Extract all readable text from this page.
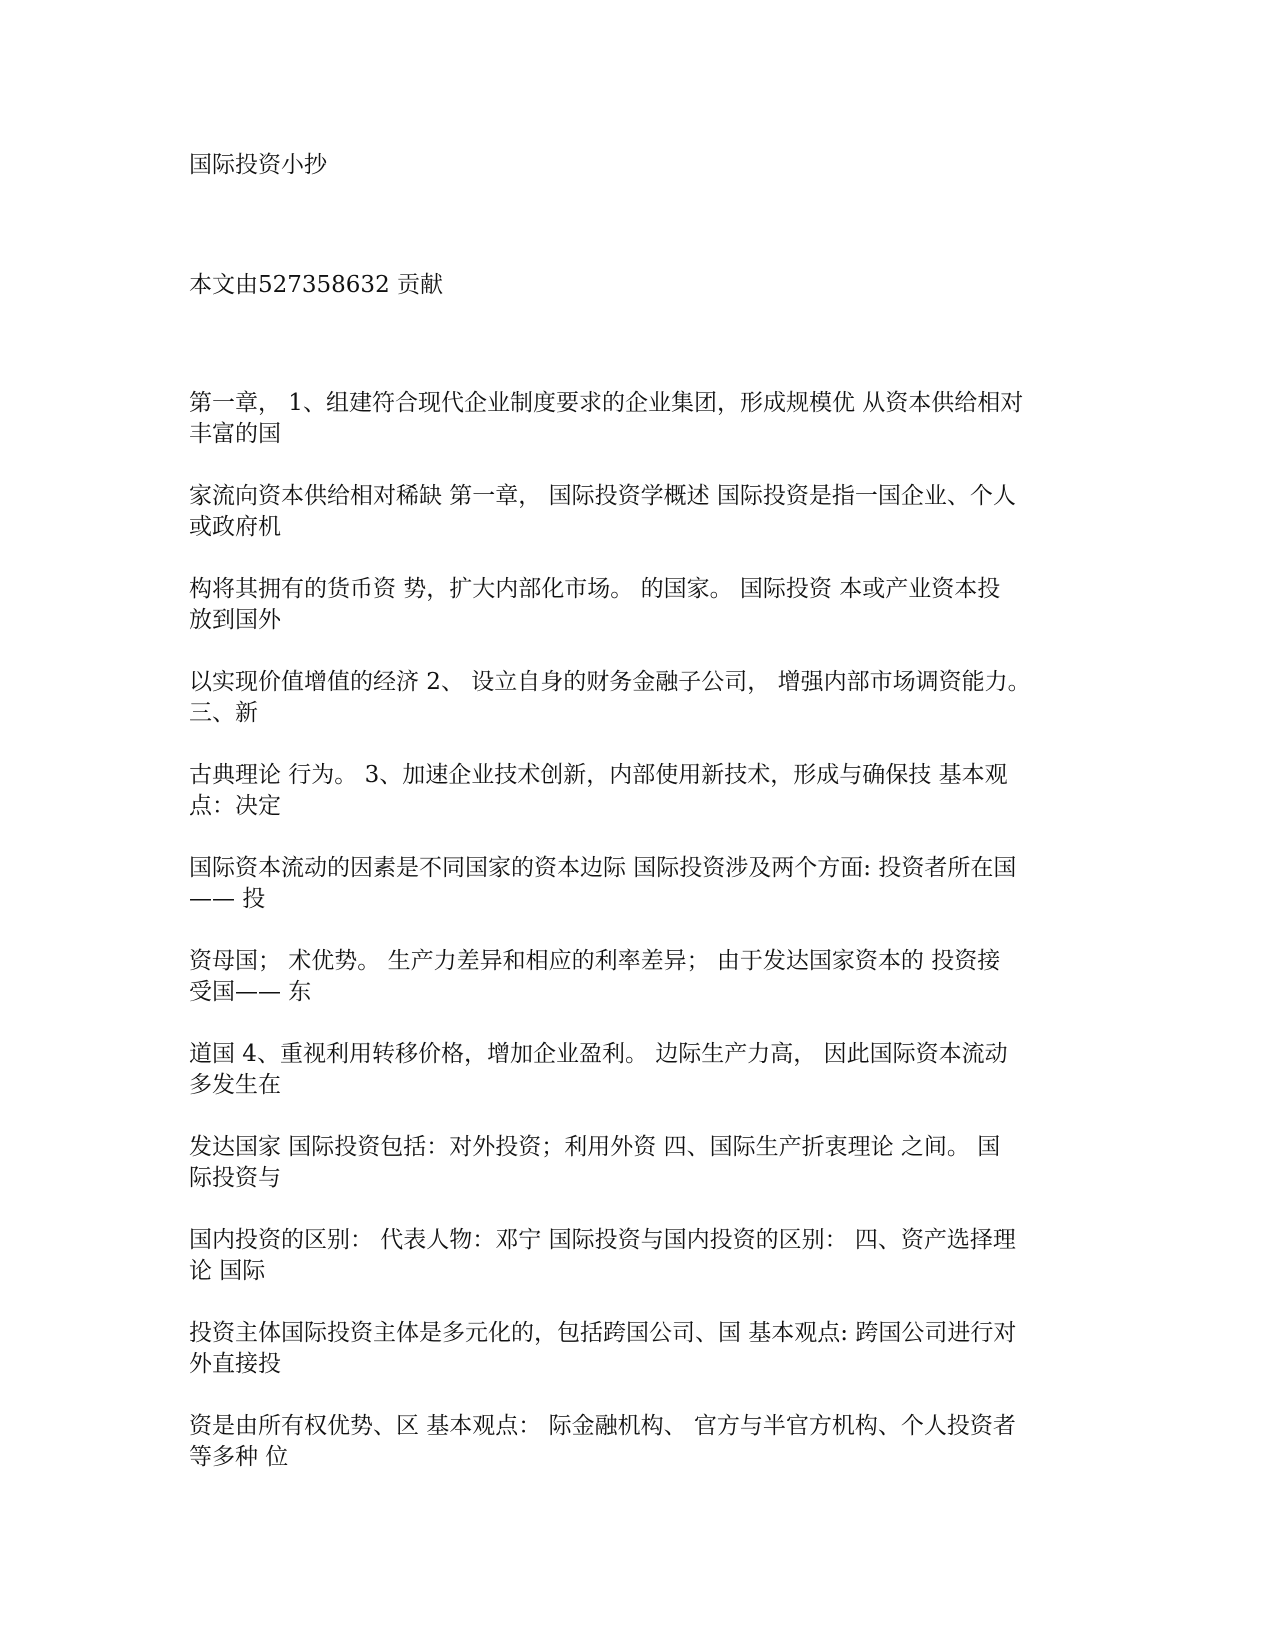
国际投资小抄

本文由527358632 贡献

第一章， 1、组建符合现代企业制度要求的企业集团，形成规模优 从资本供给相对
丰富的国

家流向资本供给相对稀缺 第一章， 国际投资学概述 国际投资是指一国企业、个人
或政府机

构将其拥有的货币资 势，扩大内部化市场。 的国家。 国际投资 本或产业资本投
放到国外

以实现价值增值的经济 2、 设立自身的财务金融子公司， 增强内部市场调资能力。
三、新

古典理论 行为。 3、加速企业技术创新，内部使用新技术，形成与确保技 基本观
点：决定

国际资本流动的因素是不同国家的资本边际 国际投资涉及两个方面: 投资者所在国
—— 投

资母国； 术优势。 生产力差异和相应的利率差异； 由于发达国家资本的 投资接
受国—— 东

道国 4、重视利用转移价格，增加企业盈利。 边际生产力高， 因此国际资本流动
多发生在

发达国家 国际投资包括：对外投资；利用外资 四、国际生产折衷理论 之间。 国
际投资与

国内投资的区别： 代表人物：邓宁 国际投资与国内投资的区别： 四、资产选择理
论 国际

投资主体国际投资主体是多元化的，包括跨国公司、国 基本观点: 跨国公司进行对
外直接投

资是由所有权优势、区 基本观点： 际金融机构、 官方与半官方机构、个人投资者
等多种 位
